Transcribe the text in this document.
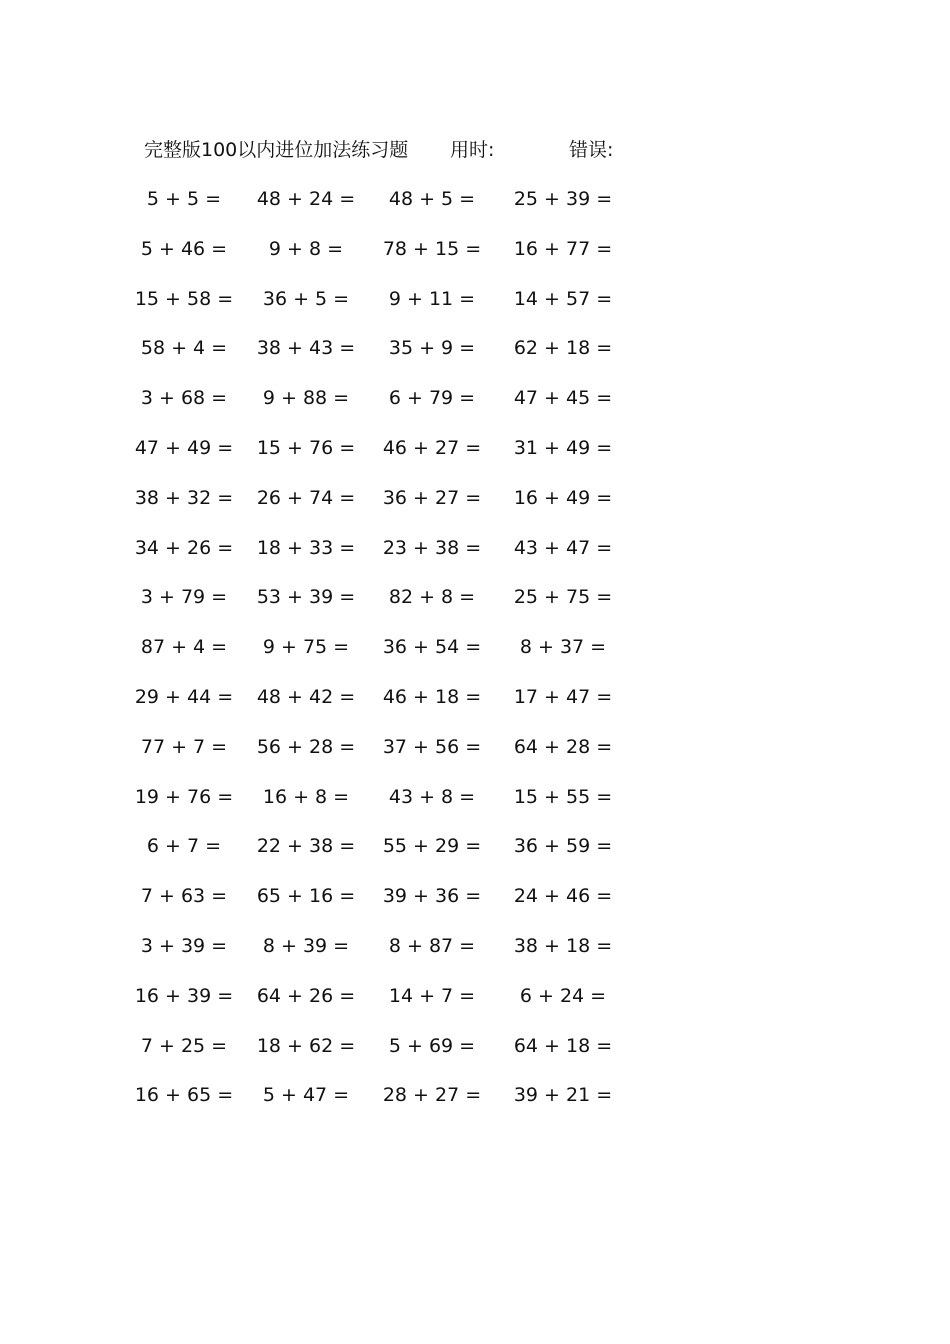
完整版100以内进位加法练习题 用时:	错误:
5 + 5 =	48 + 24 =	48 + 5 =	25 + 39 =
5 + 46 =	9 + 8 =	78 + 15 =	16 + 77 =
15 + 58 =	36 + 5 =	9 + 11 =	14 + 57 =
58 + 4 =	38 + 43 =	35 + 9 =	62 + 18 =
3 + 68 =	9 + 88 =	6 + 79 =	47 + 45 =
47 + 49 =	15 + 76 =	46 + 27 =	31 + 49 =
38 + 32 =	26 + 74 =	36 + 27 =	16 + 49 =
34 + 26 =	18 + 33 =	23 + 38 =	43 + 47 =
3 + 79 =	53 + 39 =	82 + 8 =	25 + 75 =
87 + 4 =	9 + 75 =	36 + 54 =	8 + 37 =
29 + 44 =	48 + 42 =	46 + 18 =	17 + 47 =
77 + 7 =	56 + 28 =	37 + 56 =	64 + 28 =
19 + 76 =	16 + 8 =	43 + 8 =	15 + 55 =
6 + 7 =	22 + 38 =	55 + 29 =	36 + 59 =
7 + 63 =	65 + 16 =	39 + 36 =	24 + 46 =
3 + 39 =	8 + 39 =	8 + 87 =	38 + 18 =
16 + 39 =	64 + 26 =	14 + 7 =	6 + 24 =
7 + 25 =	18 + 62 =	5 + 69 =	64 + 18 =
16 + 65 =	5 + 47 =	28 + 27 =	39 + 21 =
